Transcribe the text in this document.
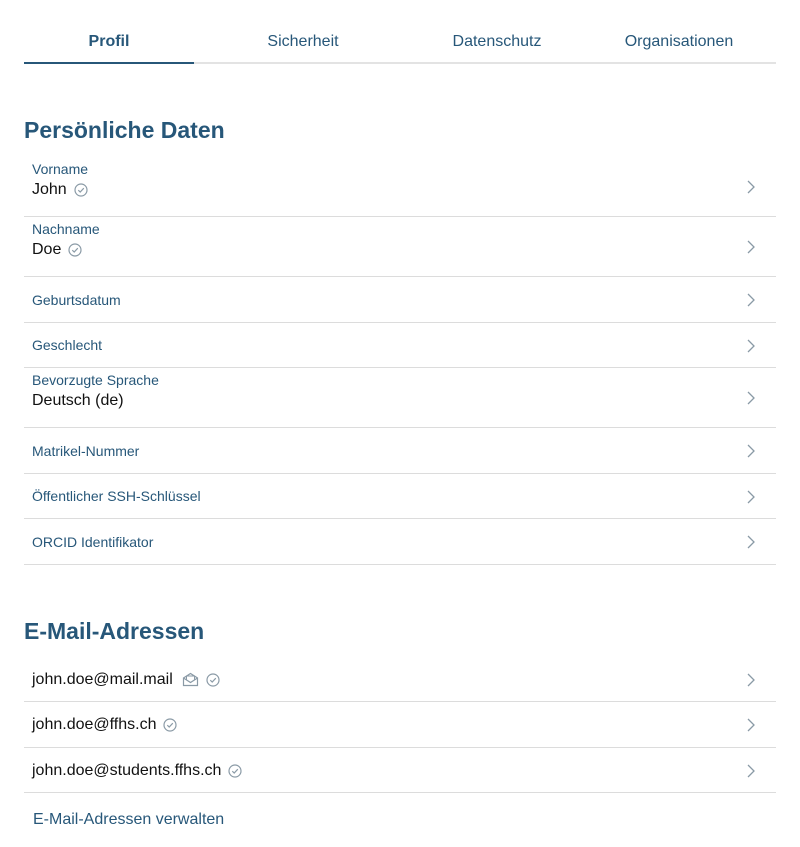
Profil	Sicherheit	Datenschutz	Organisationen
Persönliche Daten
Vorname
John
Nachname
Doe
Geburtsdatum
Geschlecht
Bevorzugte Sprache
Deutsch (de)
Matrikel-Nummer
Öffentlicher SSH-Schlüssel
ORCID Identifikator
E-Mail-Adressen
john.doe@mail.mail
john.doe@ffhs.ch
john.doe@students.ffhs.ch
E-Mail-Adressen verwalten
